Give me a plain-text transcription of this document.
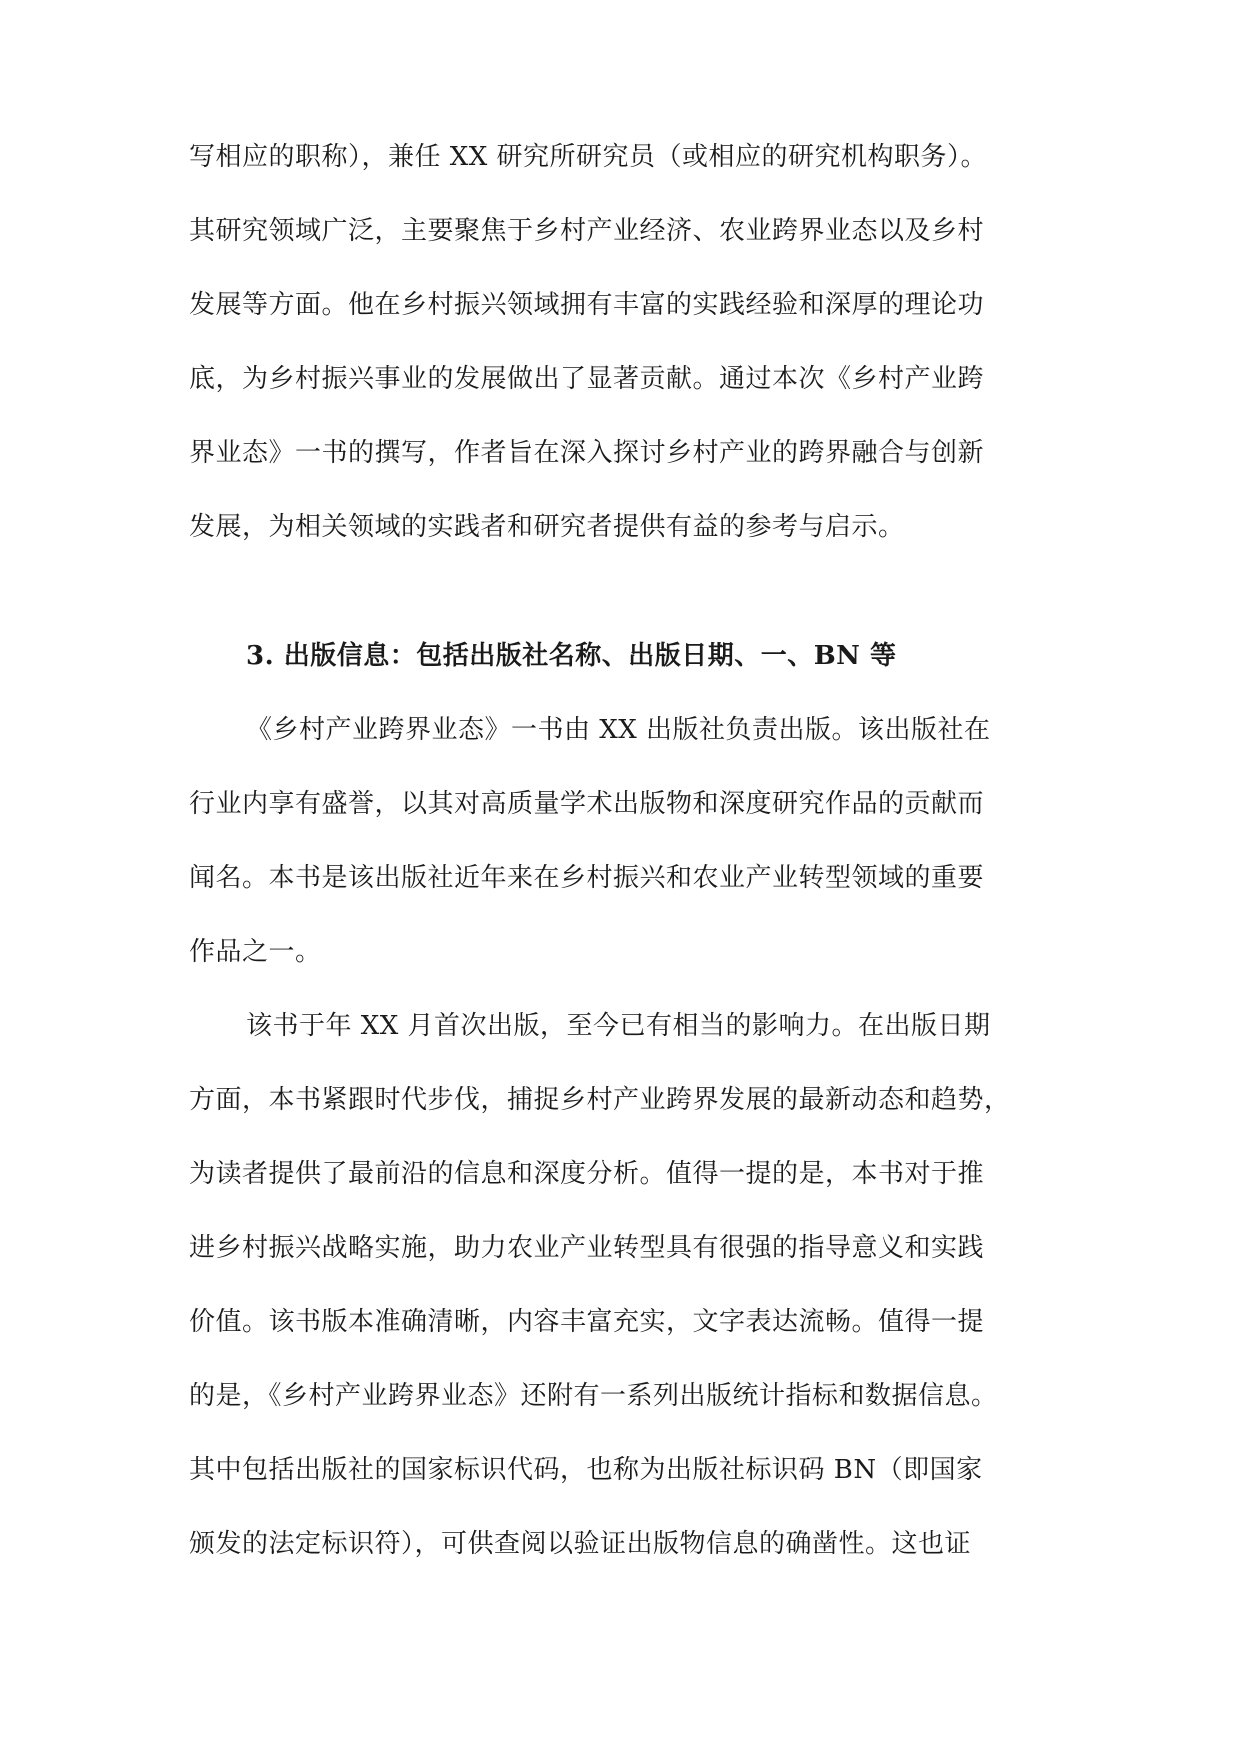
写相应的职称），兼任 XX 研究所研究员（或相应的研究机构职务）。
其研究领域广泛，主要聚焦于乡村产业经济、农业跨界业态以及乡村
发展等方面。他在乡村振兴领域拥有丰富的实践经验和深厚的理论功
底，为乡村振兴事业的发展做出了显著贡献。通过本次《乡村产业跨
界业态》一书的撰写，作者旨在深入探讨乡村产业的跨界融合与创新
发展，为相关领域的实践者和研究者提供有益的参考与启示。
3. 出版信息：包括出版社名称、出版日期、一、BN 等
《乡村产业跨界业态》一书由 XX 出版社负责出版。该出版社在
行业内享有盛誉，以其对高质量学术出版物和深度研究作品的贡献而
闻名。本书是该出版社近年来在乡村振兴和农业产业转型领域的重要
作品之一。
该书于年 XX 月首次出版，至今已有相当的影响力。在出版日期
方面，本书紧跟时代步伐，捕捉乡村产业跨界发展的最新动态和趋势，
为读者提供了最前沿的信息和深度分析。值得一提的是，本书对于推
进乡村振兴战略实施，助力农业产业转型具有很强的指导意义和实践
价值。该书版本准确清晰，内容丰富充实，文字表达流畅。值得一提
的是，《乡村产业跨界业态》还附有一系列出版统计指标和数据信息。
其中包括出版社的国家标识代码，也称为出版社标识码 BN（即国家
颁发的法定标识符），可供查阅以验证出版物信息的确凿性。这也证
